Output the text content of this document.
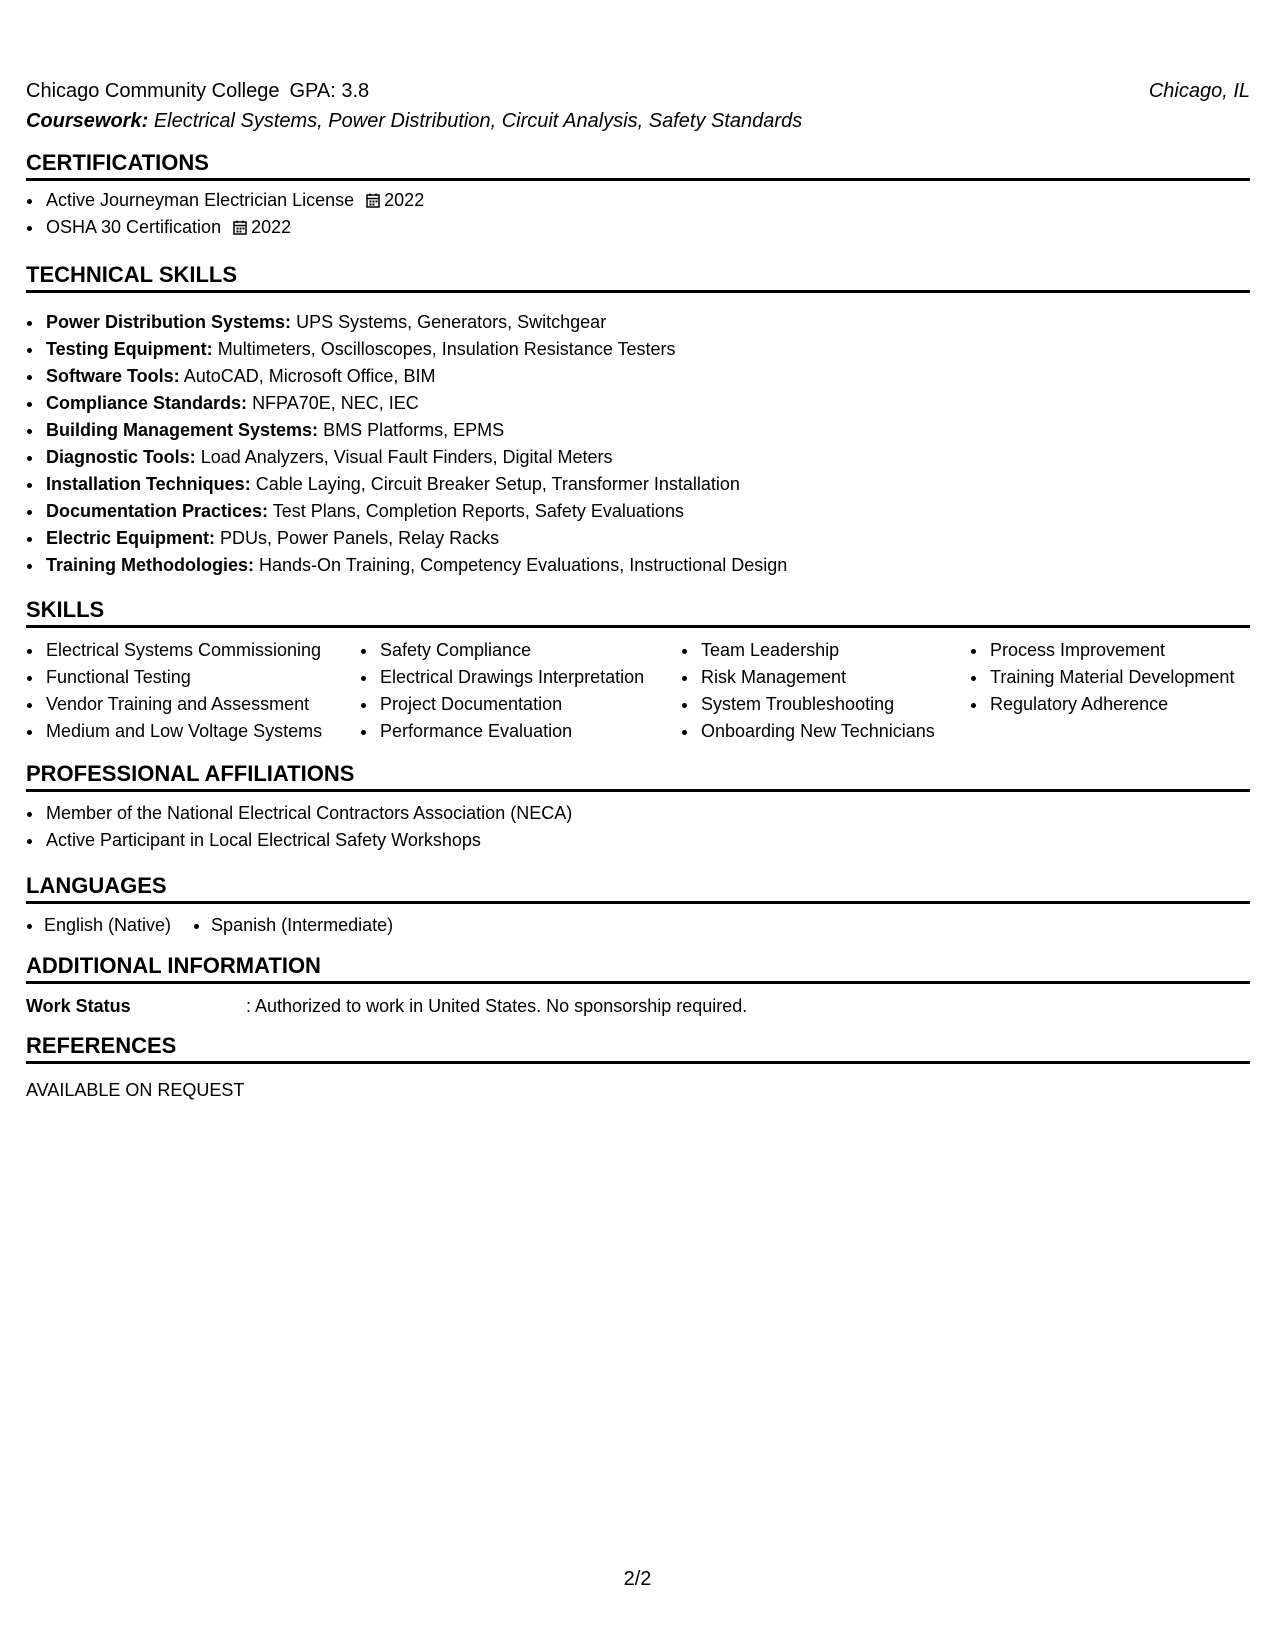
Chicago Community College GPA: 3.8	Chicago, IL
Coursework: Electrical Systems, Power Distribution, Circuit Analysis, Safety Standards
CERTIFICATIONS
• Active Journeyman Electrician License 2022
• OSHA 30 Certification 2022
TECHNICAL SKILLS
• Power Distribution Systems: UPS Systems, Generators, Switchgear
• Testing Equipment: Multimeters, Oscilloscopes, Insulation Resistance Testers
• Software Tools: AutoCAD, Microsoft Office, BIM
• Compliance Standards: NFPA70E, NEC, IEC
• Building Management Systems: BMS Platforms, EPMS
• Diagnostic Tools: Load Analyzers, Visual Fault Finders, Digital Meters
• Installation Techniques: Cable Laying, Circuit Breaker Setup, Transformer Installation
• Documentation Practices: Test Plans, Completion Reports, Safety Evaluations
• Electric Equipment: PDUs, Power Panels, Relay Racks
• Training Methodologies: Hands-On Training, Competency Evaluations, Instructional Design
SKILLS
• Electrical Systems Commissioning
• Functional Testing
• Vendor Training and Assessment
• Medium and Low Voltage Systems
• Safety Compliance
• Electrical Drawings Interpretation
• Project Documentation
• Performance Evaluation
• Team Leadership
• Risk Management
• System Troubleshooting
• Onboarding New Technicians
• Process Improvement
• Training Material Development
• Regulatory Adherence
PROFESSIONAL AFFILIATIONS
• Member of the National Electrical Contractors Association (NECA)
• Active Participant in Local Electrical Safety Workshops
LANGUAGES
• English (Native)
• Spanish (Intermediate)
ADDITIONAL INFORMATION
Work Status	: Authorized to work in United States. No sponsorship required.
REFERENCES
AVAILABLE ON REQUEST
2/2
